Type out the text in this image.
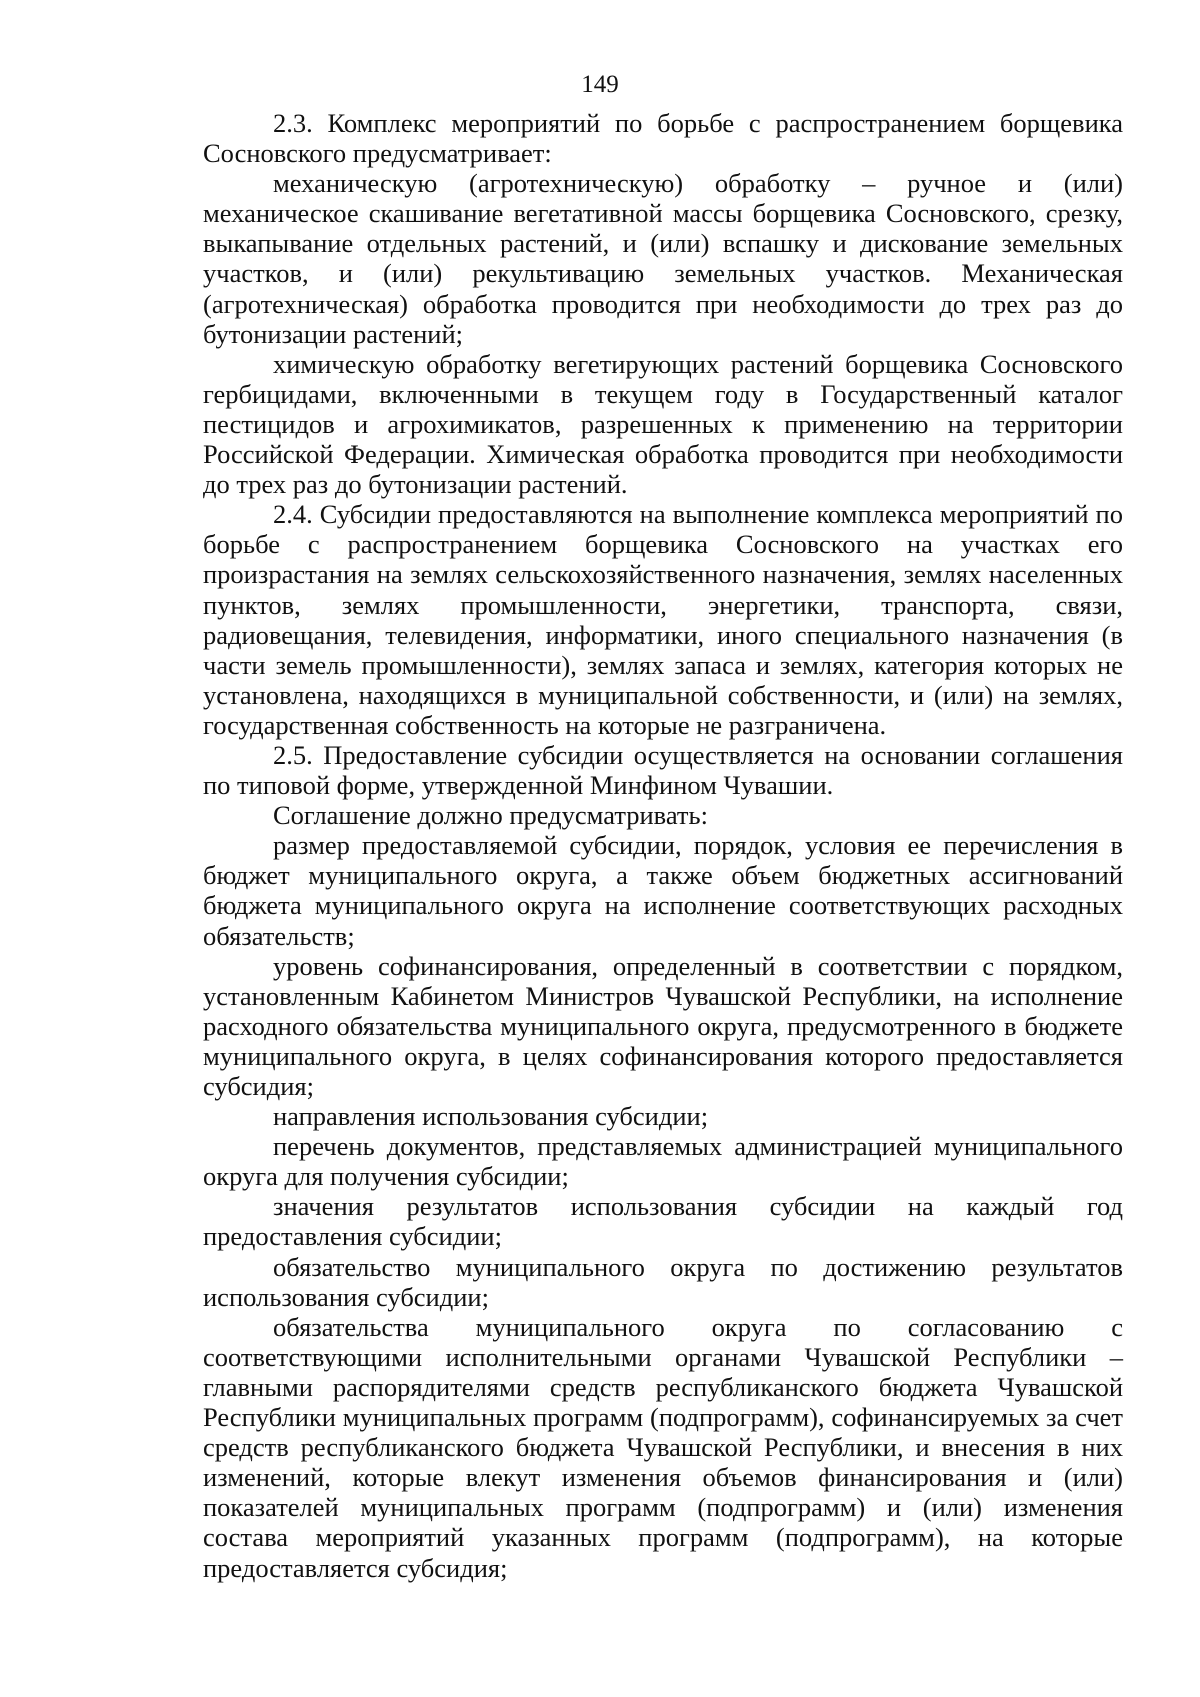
149

2.3. Комплекс мероприятий по борьбе с распространением борщевика Сосновского предусматривает:

механическую (агротехническую) обработку – ручное и (или) механическое скашивание вегетативной массы борщевика Сосновского, срезку, выкапывание отдельных растений, и (или) вспашку и дискование земельных участков, и (или) рекультивацию земельных участков. Механическая (агротехническая) обработка проводится при необходимости до трех раз до бутонизации растений;

химическую обработку вегетирующих растений борщевика Сосновского гербицидами, включенными в текущем году в Государственный каталог пестицидов и агрохимикатов, разрешенных к применению на территории Российской Федерации. Химическая обработка проводится при необходимости до трех раз до бутонизации растений.

2.4. Субсидии предоставляются на выполнение комплекса мероприятий по борьбе с распространением борщевика Сосновского на участках его произрастания на землях сельскохозяйственного назначения, землях населенных пунктов, землях промышленности, энергетики, транспорта, связи, радиовещания, телевидения, информатики, иного специального назначения (в части земель промышленности), землях запаса и землях, категория которых не установлена, находящихся в муниципальной собственности, и (или) на землях, государственная собственность на которые не разграничена.

2.5. Предоставление субсидии осуществляется на основании соглашения по типовой форме, утвержденной Минфином Чувашии.

Соглашение должно предусматривать:

размер предоставляемой субсидии, порядок, условия ее перечисления в бюджет муниципального округа, а также объем бюджетных ассигнований бюджета муниципального округа на исполнение соответствующих расходных обязательств;

уровень софинансирования, определенный в соответствии с порядком, установленным Кабинетом Министров Чувашской Республики, на исполнение расходного обязательства муниципального округа, предусмотренного в бюджете муниципального округа, в целях софинансирования которого предоставляется субсидия;

направления использования субсидии;

перечень документов, представляемых администрацией муниципального округа для получения субсидии;

значения результатов использования субсидии на каждый год предоставления субсидии;

обязательство муниципального округа по достижению результатов использования субсидии;

обязательства муниципального округа по согласованию с соответствующими исполнительными органами Чувашской Республики – главными распорядителями средств республиканского бюджета Чувашской Республики муниципальных программ (подпрограмм), софинансируемых за счет средств республиканского бюджета Чувашской Республики, и внесения в них изменений, которые влекут изменения объемов финансирования и (или) показателей муниципальных программ (подпрограмм) и (или) изменения состава мероприятий указанных программ (подпрограмм), на которые предоставляется субсидия;
